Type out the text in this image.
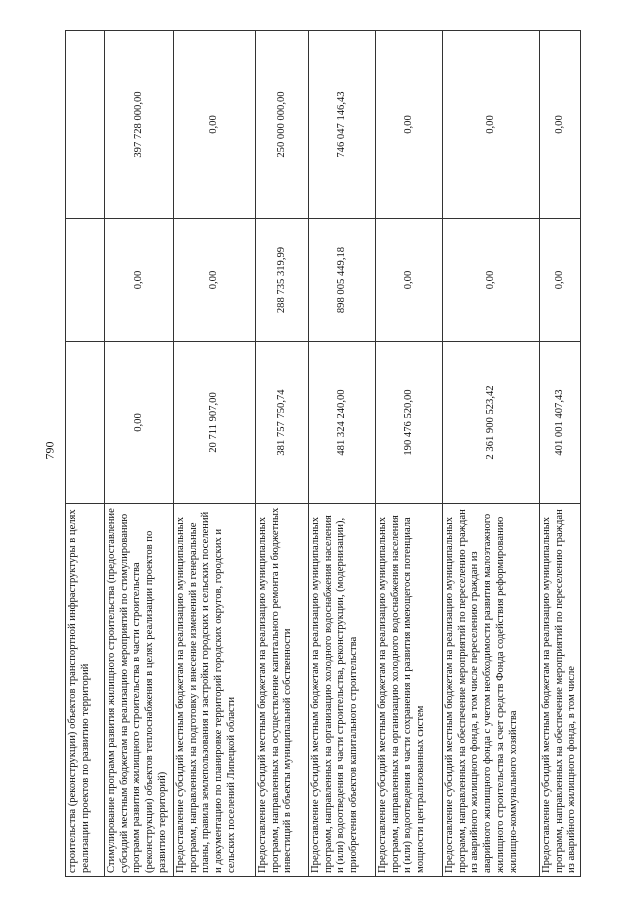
790
строительства (реконструкции) объектов транспортной инфраструктуры в целях реализации проектов по развитию территорий			
Стимулирование программ развития жилищного строительства (предоставление субсидий местным бюджетам на реализацию мероприятий по стимулированию программ развития жилищного строительства в части строительства (реконструкции) объектов теплоснабжения в целях реализации проектов по развитию территорий)	0,00	0,00	397 728 000,00
Предоставление субсидий местным бюджетам на реализацию муниципальных программ, направленных на подготовку и внесение изменений в генеральные планы, правила землепользования и застройки городских и сельских поселений и документацию по планировке территорий городских округов, городских и сельских поселений Липецкой области	20 711 907,00	0,00	0,00
Предоставление субсидий местным бюджетам на реализацию муниципальных программ, направленных на осуществление капитального ремонта и бюджетных инвестиций в объекты муниципальной собственности	381 757 750,74	288 735 319,99	250 000 000,00
Предоставление субсидий местным бюджетам на реализацию муниципальных программ, направленных на организацию холодного водоснабжения населения и (или) водоотведения в части строительства, реконструкции, (модернизации), приобретения объектов капитального строительства	481 324 240,00	898 005 449,18	746 047 146,43
Предоставление субсидий местным бюджетам на реализацию муниципальных программ, направленных на организацию холодного водоснабжения населения и (или) водоотведения в части сохранения и развития имеющегося потенциала мощности централизованных систем	190 476 520,00	0,00	0,00
Предоставление субсидий местным бюджетам на реализацию муниципальных программ, направленных на обеспечение мероприятий по переселению граждан из аварийного жилищного фонда, в том числе переселению граждан из аварийного жилищного фонда с учетом необходимости развития малоэтажного жилищного строительства за счет средств Фонда содействия реформированию жилищно-коммунального хозяйства	2 361 900 523,42	0,00	0,00
Предоставление субсидий местным бюджетам на реализацию муниципальных программ, направленных на обеспечение мероприятий по переселению граждан из аварийного жилищного фонда, в том числе	401 001 407,43	0,00	0,00
